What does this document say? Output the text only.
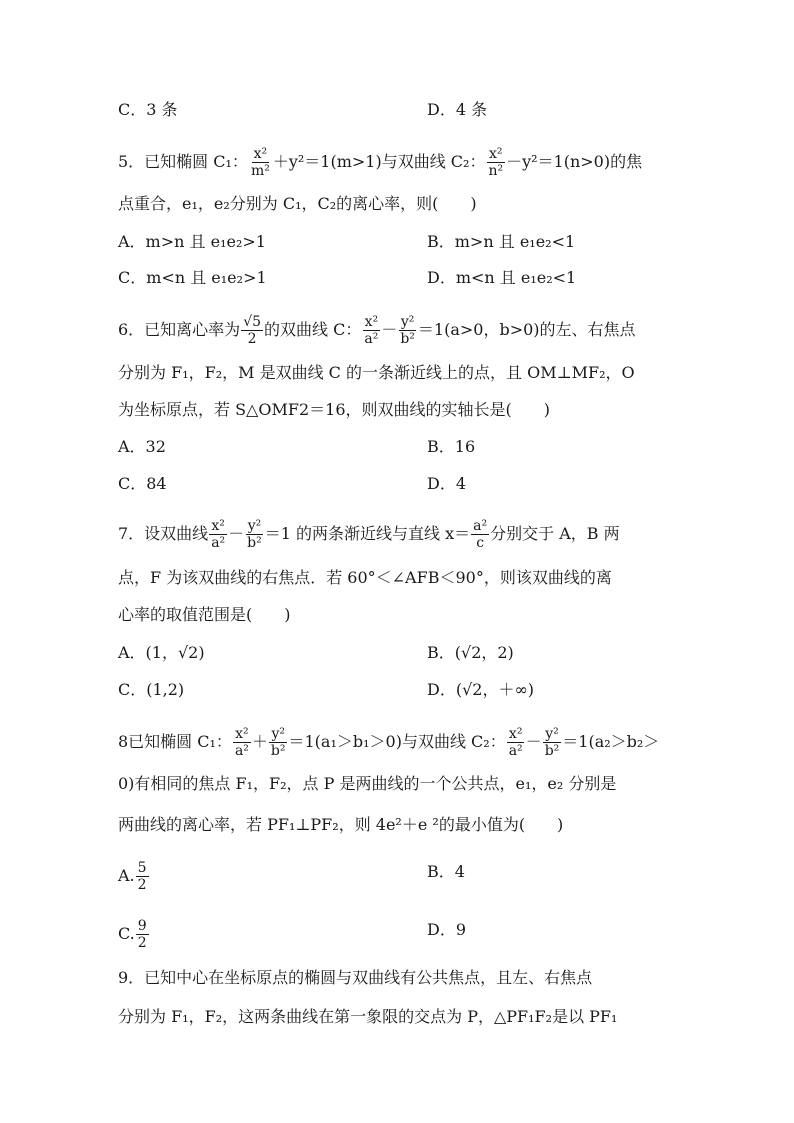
C．3 条	D．4 条
5．已知椭圆 C₁： $\frac{\text{x²}}{\text{m²}} +y^2=1(m>1)$与双曲线 C₂： $\frac{\text{x²}}{\text{n²}} -y^2=1(n>0)$的焦
点重合，e₁，e₂分别为 C₁，C₂的离心率，则(　　)
A．m>n 且 e₁e₂>1	B．m>n 且 e₁e₂<1
C．m<n 且 e₁e₂>1	D．m<n 且 e₁e₂<1
6．已知离心率为 $\frac{√5}{2}$ 的双曲线 C： $\frac{\text{x²}}{\text{a²}} - \frac{\text{y²}}{\text{b²}} =1(a>0$，b>0)的左、右焦点
分别为 F₁，F₂，M 是双曲线 C 的一条渐近线上的点，且 OM⊥MF₂，O
为坐标原点，若 S△OMF2＝16，则双曲线的实轴长是(　　)
A．32	B．16
C．84	D．4
7．设双曲线 $\frac{\text{x²}}{\text{a²}} - \frac{\text{y²}}{\text{b²}} =1$ 的两条渐近线与直线 $x= \frac{\text{a²}}{c}$ 分别交于 A，B 两
点，F 为该双曲线的右焦点．若 60°＜∠AFB＜90°，则该双曲线的离
心率的取值范围是(　　)
A．(1，√2)	B．(√2，2)
C．(1,2)	D．(√2，＋∞)
8已知椭圆 C₁： $\frac{\text{x²}}{\text{a²}} + \frac{\text{y²}}{\text{b²}} =1(a_1>b_1>0)$与双曲线 C₂： $\frac{\text{x²}}{\text{a²}} - \frac{\text{y²}}{\text{b²}} =1(a_2>b_2>$
0)有相同的焦点 F₁，F₂，点 P 是两曲线的一个公共点，e₁，e₂ 分别是
两曲线的离心率，若 PF₁⊥PF₂，则 4e²＋e ²的最小值为(　　)
A. $\frac{5}{2}$	B．4
C. $\frac{9}{2}$	D．9
9．已知中心在坐标原点的椭圆与双曲线有公共焦点，且左、右焦点
分别为 F₁，F₂，这两条曲线在第一象限的交点为 P，△PF₁F₂是以 PF₁
